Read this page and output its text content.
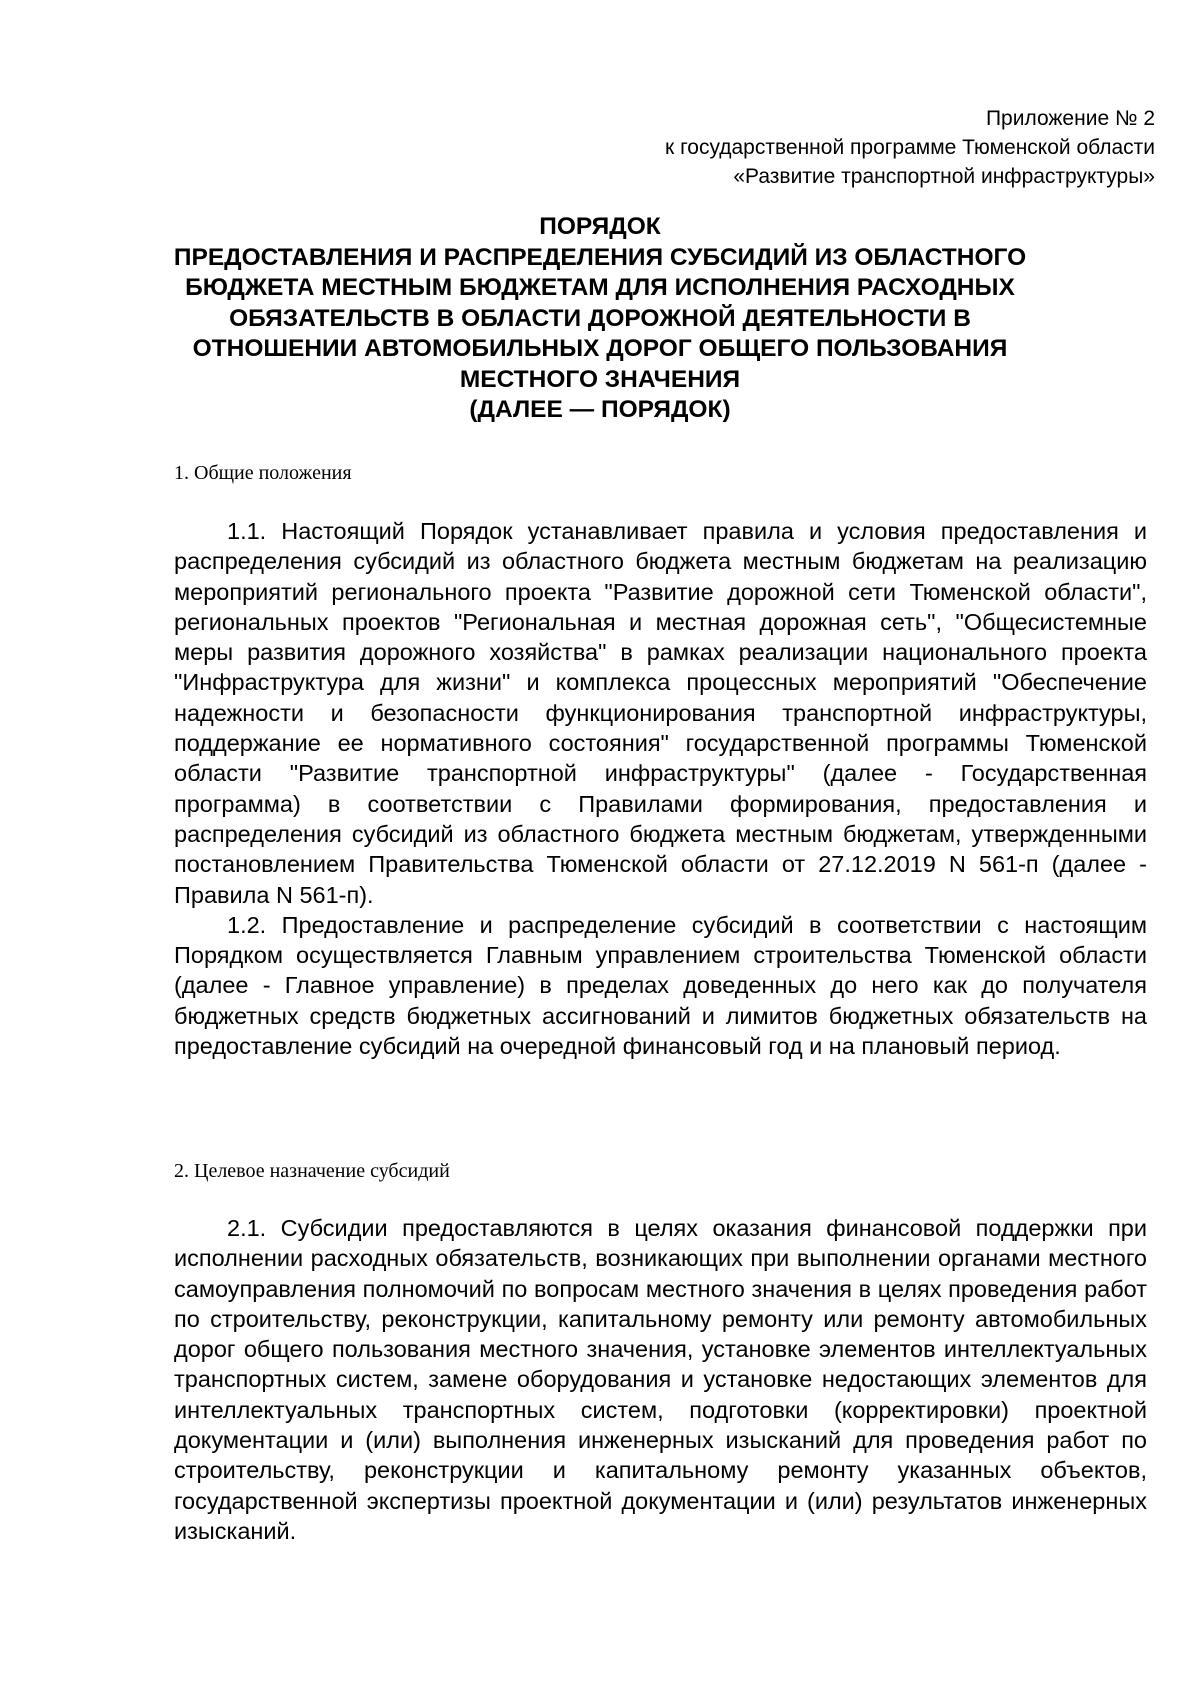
Приложение № 2
к государственной программе Тюменской области
«Развитие транспортной инфраструктуры»
ПОРЯДОК
ПРЕДОСТАВЛЕНИЯ И РАСПРЕДЕЛЕНИЯ СУБСИДИЙ ИЗ ОБЛАСТНОГО
БЮДЖЕТА МЕСТНЫМ БЮДЖЕТАМ ДЛЯ ИСПОЛНЕНИЯ РАСХОДНЫХ
ОБЯЗАТЕЛЬСТВ В ОБЛАСТИ ДОРОЖНОЙ ДЕЯТЕЛЬНОСТИ В
ОТНОШЕНИИ АВТОМОБИЛЬНЫХ ДОРОГ ОБЩЕГО ПОЛЬЗОВАНИЯ
МЕСТНОГО ЗНАЧЕНИЯ
(ДАЛЕЕ — ПОРЯДОК)
1. Общие положения

1.1. Настоящий Порядок устанавливает правила и условия предоставления и распределения субсидий из областного бюджета местным бюджетам на реализацию мероприятий регионального проекта "Развитие дорожной сети Тюменской области", региональных проектов "Региональная и местная дорожная сеть", "Общесистемные меры развития дорожного хозяйства" в рамках реализации национального проекта "Инфраструктура для жизни" и комплекса процессных мероприятий "Обеспечение надежности и безопасности функционирования транспортной инфраструктуры, поддержание ее нормативного состояния" государственной программы Тюменской области "Развитие транспортной инфраструктуры" (далее - Государственная программа) в соответствии с Правилами формирования, предоставления и распределения субсидий из областного бюджета местным бюджетам, утвержденными постановлением Правительства Тюменской области от 27.12.2019 N 561-п (далее - Правила N 561-п).

1.2. Предоставление и распределение субсидий в соответствии с настоящим Порядком осуществляется Главным управлением строительства Тюменской области (далее - Главное управление) в пределах доведенных до него как до получателя бюджетных средств бюджетных ассигнований и лимитов бюджетных обязательств на предоставление субсидий на очередной финансовый год и на плановый период.

2. Целевое назначение субсидий

2.1. Субсидии предоставляются в целях оказания финансовой поддержки при исполнении расходных обязательств, возникающих при выполнении органами местного самоуправления полномочий по вопросам местного значения в целях проведения работ по строительству, реконструкции, капитальному ремонту или ремонту автомобильных дорог общего пользования местного значения, установке элементов интеллектуальных транспортных систем, замене оборудования и установке недостающих элементов для интеллектуальных транспортных систем, подготовки (корректировки) проектной документации и (или) выполнения инженерных изысканий для проведения работ по строительству, реконструкции и капитальному ремонту указанных объектов, государственной экспертизы проектной документации и (или) результатов инженерных изысканий.
